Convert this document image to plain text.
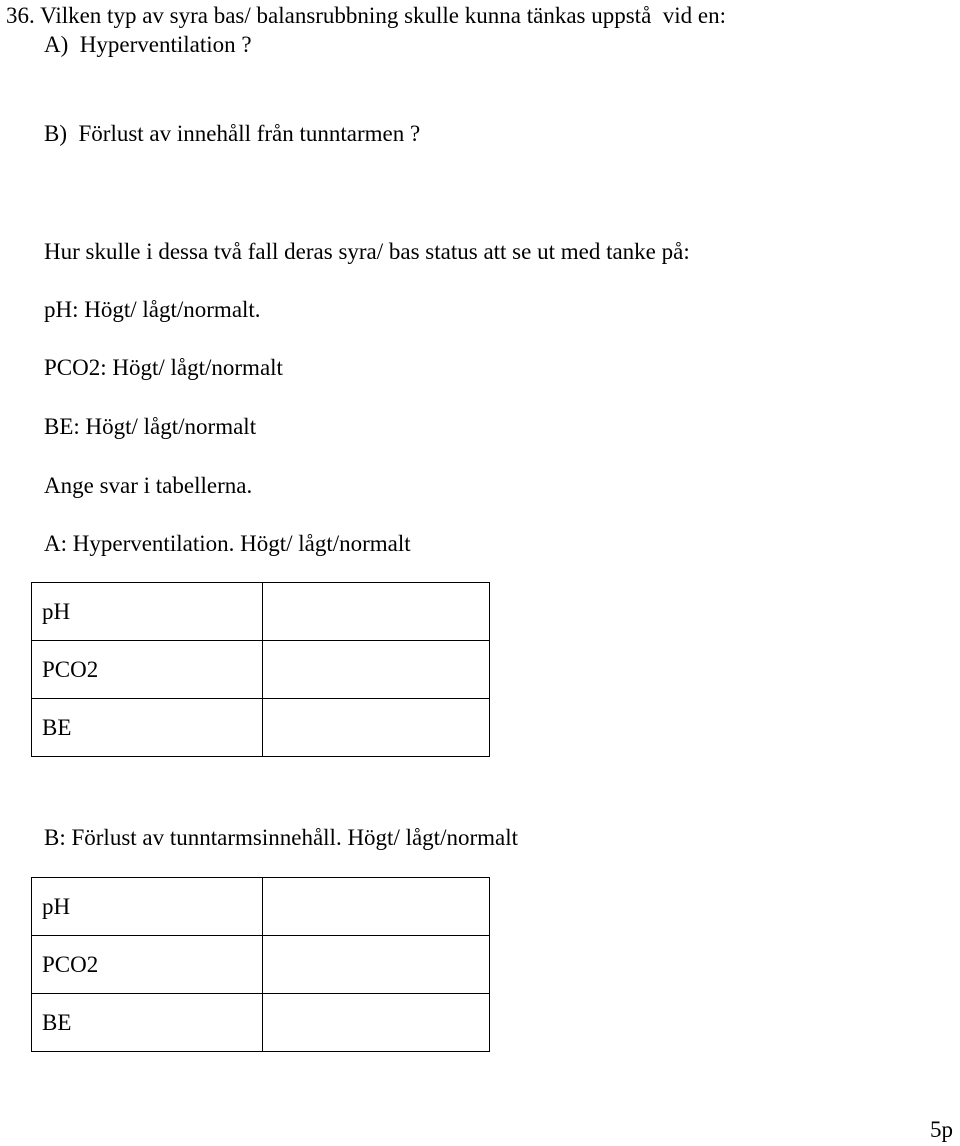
36. Vilken typ av syra bas/ balansrubbning skulle kunna tänkas uppstå  vid en:
A)  Hyperventilation ?
B)  Förlust av innehåll från tunntarmen ?
Hur skulle i dessa två fall deras syra/ bas status att se ut med tanke på:
pH: Högt/ lågt/normalt.
PCO2: Högt/ lågt/normalt
BE: Högt/ lågt/normalt
Ange svar i tabellerna.
A: Hyperventilation. Högt/ lågt/normalt
pH	
PCO2	
BE	
B: Förlust av tunntarmsinnehåll. Högt/ lågt/normalt
pH	
PCO2	
BE	
5p
